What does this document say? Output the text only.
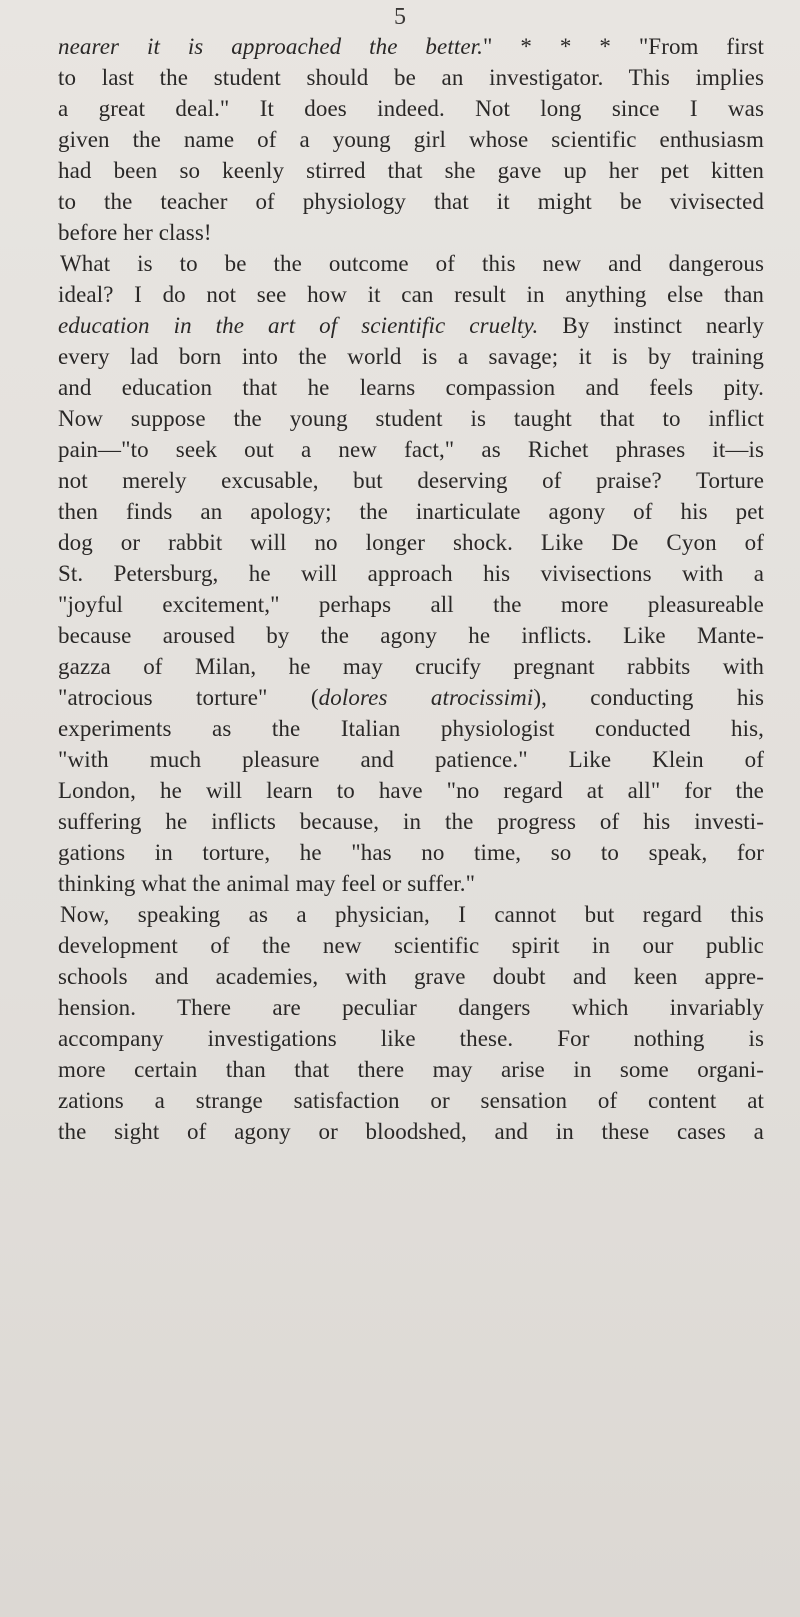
5
nearer it is approached the better." * * * "From first
to last the student should be an investigator. This implies
a great deal." It does indeed. Not long since I was
given the name of a young girl whose scientific enthusiasm
had been so keenly stirred that she gave up her pet kitten
to the teacher of physiology that it might be vivisected
before her class!
What is to be the outcome of this new and dangerous
ideal? I do not see how it can result in anything else than
education in the art of scientific cruelty. By instinct nearly
every lad born into the world is a savage; it is by training
and education that he learns compassion and feels pity.
Now suppose the young student is taught that to inflict
pain—"to seek out a new fact," as Richet phrases it—is
not merely excusable, but deserving of praise? Torture
then finds an apology; the inarticulate agony of his pet
dog or rabbit will no longer shock. Like De Cyon of
St. Petersburg, he will approach his vivisections with a
"joyful excitement," perhaps all the more pleasureable
because aroused by the agony he inflicts. Like Mante-
gazza of Milan, he may crucify pregnant rabbits with
"atrocious torture" (dolores atrocissimi), conducting his
experiments as the Italian physiologist conducted his,
"with much pleasure and patience." Like Klein of
London, he will learn to have "no regard at all" for the
suffering he inflicts because, in the progress of his investi-
gations in torture, he "has no time, so to speak, for
thinking what the animal may feel or suffer."
Now, speaking as a physician, I cannot but regard this
development of the new scientific spirit in our public
schools and academies, with grave doubt and keen appre-
hension. There are peculiar dangers which invariably
accompany investigations like these. For nothing is
more certain than that there may arise in some organi-
zations a strange satisfaction or sensation of content at
the sight of agony or bloodshed, and in these cases a
